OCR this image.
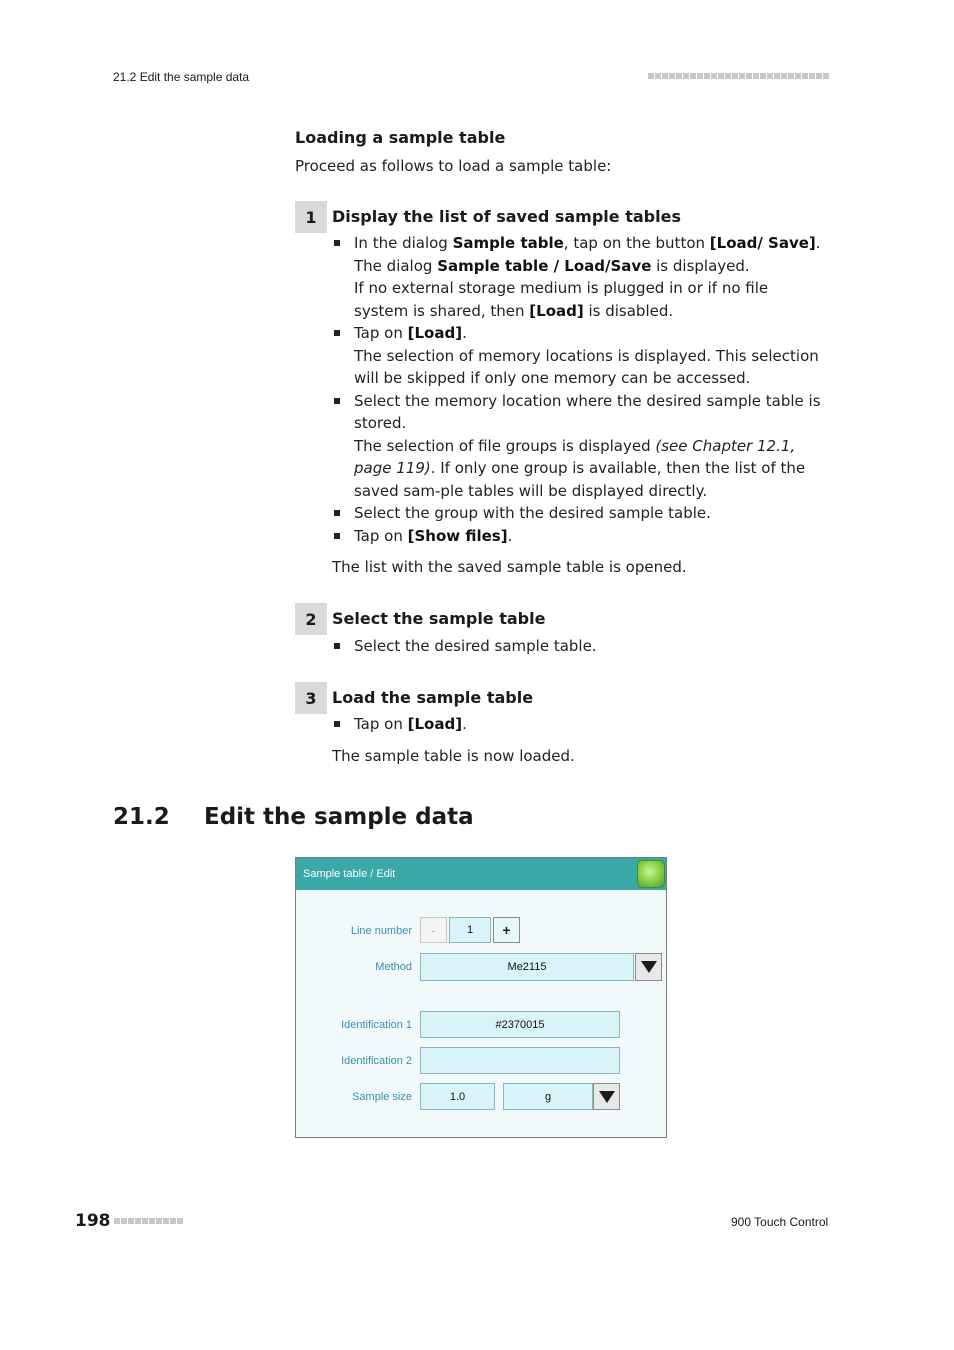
21.2 Edit the sample data

Loading a sample table

Proceed as follows to load a sample table:

1 Display the list of saved sample tables
In the dialog Sample table, tap on the button [Load/ Save].
The dialog Sample table / Load/Save is displayed.
If no external storage medium is plugged in or if no file system is shared, then [Load] is disabled.
Tap on [Load].
The selection of memory locations is displayed. This selection will be skipped if only one memory can be accessed.
Select the memory location where the desired sample table is stored.
The selection of file groups is displayed (see Chapter 12.1, page 119). If only one group is available, then the list of the saved sam-ple tables will be displayed directly.
Select the group with the desired sample table.
Tap on [Show files].
The list with the saved sample table is opened.
2 Select the sample table
Select the desired sample table.
3 Load the sample table
Tap on [Load].
The sample table is now loaded.
21.2 Edit the sample data
Sample table / Edit
Line number	-	1	+
Method	Me2115
Identification 1	#2370015
Identification 2
Sample size	1.0	g
198	900 Touch Control
